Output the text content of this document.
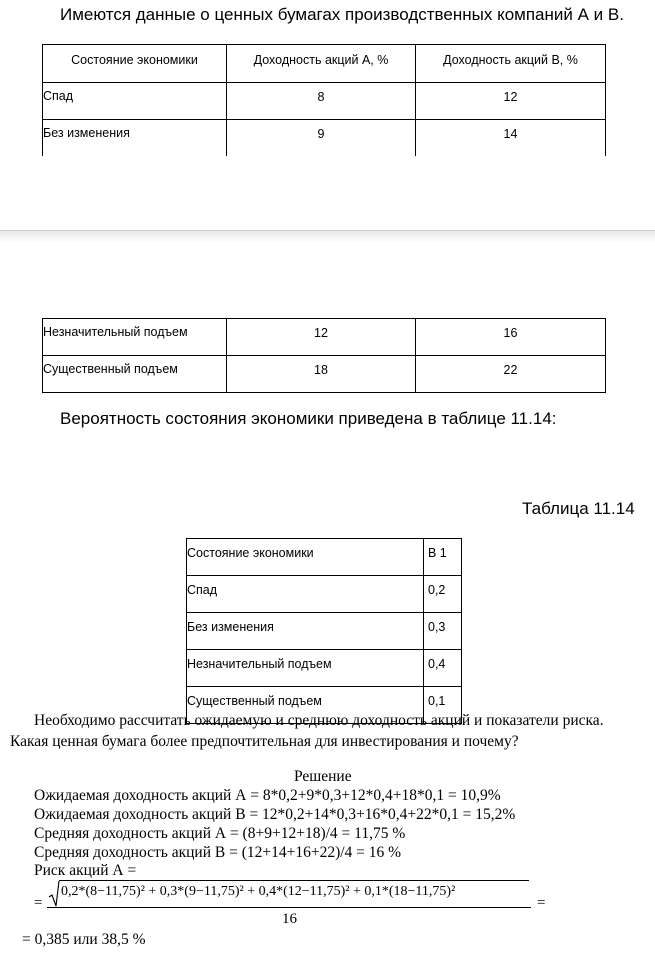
Имеются данные о ценных бумагах производственных компаний А и В.
Состояние экономики	Доходность акций А, %	Доходность акций В, %
Спад	8	12
Без изменения	9	14
Незначительный подъем	12	16
Существенный подъем	18	22
Вероятность состояния экономики приведена в таблице 11.14:
Таблица 11.14
Состояние экономики	В 1
Спад	0,2
Без изменения	0,3
Незначительный подъем	0,4
Существенный подъем	0,1
Необходимо рассчитать ожидаемую и среднюю доходность акций и показатели риска.
Какая ценная бумага более предпочтительная для инвестирования и почему?
Решение
Ожидаемая доходность акций А = 8*0,2+9*0,3+12*0,4+18*0,1 = 10,9%
Ожидаемая доходность акций В = 12*0,2+14*0,3+16*0,4+22*0,1 = 15,2%
Средняя доходность акций А = (8+9+12+18)/4 = 11,75 %
Средняя доходность акций В = (12+14+16+22)/4 = 16 %
Риск акций А =
=
0,2*(8−11,75)² + 0,3*(9−11,75)² + 0,4*(12−11,75)² + 0,1*(18−11,75)²
16
=
= 0,385 или 38,5 %
